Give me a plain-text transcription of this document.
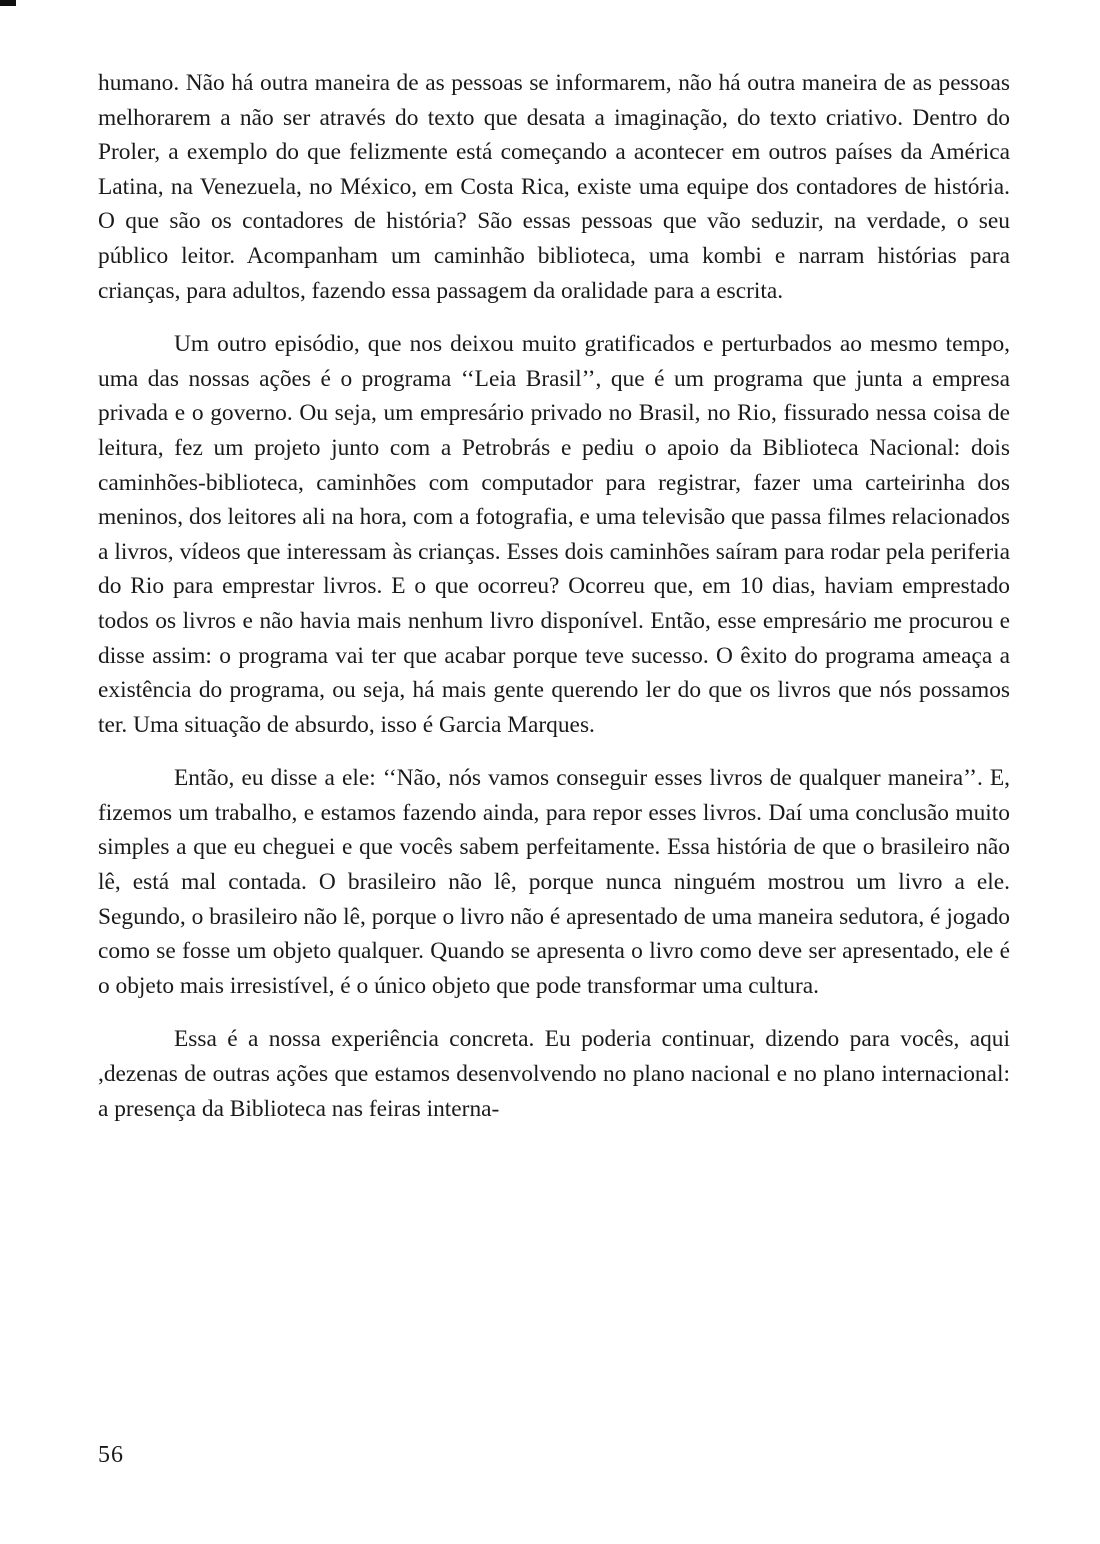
humano. Não há outra maneira de as pessoas se informarem, não há outra maneira de as pessoas melhorarem a não ser através do texto que desata a imaginação, do texto criativo. Dentro do Proler, a exemplo do que felizmente está começando a acontecer em outros países da América Latina, na Venezuela, no México, em Costa Rica, existe uma equipe dos contadores de história. O que são os contadores de história? São essas pessoas que vão seduzir, na verdade, o seu público leitor. Acompanham um caminhão biblioteca, uma kombi e narram histórias para crianças, para adultos, fazendo essa passagem da oralidade para a escrita.

Um outro episódio, que nos deixou muito gratificados e perturbados ao mesmo tempo, uma das nossas ações é o programa ‘‘Leia Brasil’’, que é um programa que junta a empresa privada e o governo. Ou seja, um empresário privado no Brasil, no Rio, fissurado nessa coisa de leitura, fez um projeto junto com a Petrobrás e pediu o apoio da Biblioteca Nacional: dois caminhões-biblioteca, caminhões com computador para registrar, fazer uma carteirinha dos meninos, dos leitores ali na hora, com a fotografia, e uma televisão que passa filmes relacionados a livros, vídeos que interessam às crianças. Esses dois caminhões saíram para rodar pela periferia do Rio para emprestar livros. E o que ocorreu? Ocorreu que, em 10 dias, haviam emprestado todos os livros e não havia mais nenhum livro disponível. Então, esse empresário me procurou e disse assim: o programa vai ter que acabar porque teve sucesso. O êxito do programa ameaça a existência do programa, ou seja, há mais gente querendo ler do que os livros que nós possamos ter. Uma situação de absurdo, isso é Garcia Marques.

Então, eu disse a ele: ‘‘Não, nós vamos conseguir esses livros de qualquer maneira’’. E, fizemos um trabalho, e estamos fazendo ainda, para repor esses livros. Daí uma conclusão muito simples a que eu cheguei e que vocês sabem perfeitamente. Essa história de que o brasileiro não lê, está mal contada. O brasileiro não lê, porque nunca ninguém mostrou um livro a ele. Segundo, o brasileiro não lê, porque o livro não é apresentado de uma maneira sedutora, é jogado como se fosse um objeto qualquer. Quando se apresenta o livro como deve ser apresentado, ele é o objeto mais irresistível, é o único objeto que pode transformar uma cultura.

Essa é a nossa experiência concreta. Eu poderia continuar, dizendo para vocês, aqui ,dezenas de outras ações que estamos desenvolvendo no plano nacional e no plano internacional: a presença da Biblioteca nas feiras interna-

56
